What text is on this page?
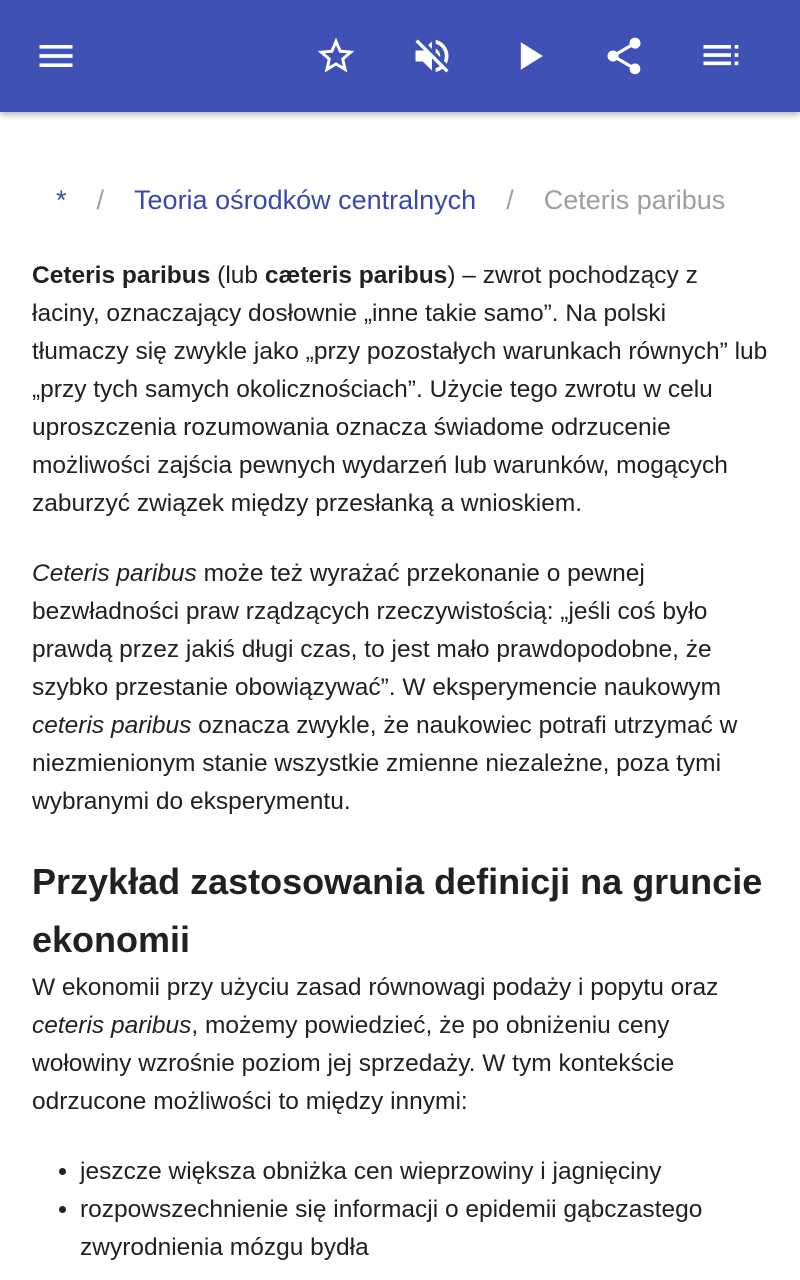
* / Teoria ośrodków centralnych / Ceteris paribus

Ceteris paribus (lub cæteris paribus) – zwrot pochodzący z łaciny, oznaczający dosłownie „inne takie samo”. Na polski tłumaczy się zwykle jako „przy pozostałych warunkach równych” lub „przy tych samych okolicznościach”. Użycie tego zwrotu w celu uproszczenia rozumowania oznacza świadome odrzucenie możliwości zajścia pewnych wydarzeń lub warunków, mogących zaburzyć związek między przesłanką a wnioskiem.

Ceteris paribus może też wyrażać przekonanie o pewnej bezwładności praw rządzących rzeczywistością: „jeśli coś było prawdą przez jakiś długi czas, to jest mało prawdopodobne, że szybko przestanie obowiązywać”. W eksperymencie naukowym ceteris paribus oznacza zwykle, że naukowiec potrafi utrzymać w niezmienionym stanie wszystkie zmienne niezależne, poza tymi wybranymi do eksperymentu.

Przykład zastosowania definicji na gruncie ekonomii

W ekonomii przy użyciu zasad równowagi podaży i popytu oraz ceteris paribus, możemy powiedzieć, że po obniżeniu ceny wołowiny wzrośnie poziom jej sprzedaży. W tym kontekście odrzucone możliwości to między innymi:

• jeszcze większa obniżka cen wieprzowiny i jagnięciny
• rozpowszechnienie się informacji o epidemii gąbczastego zwyrodnienia mózgu bydła
